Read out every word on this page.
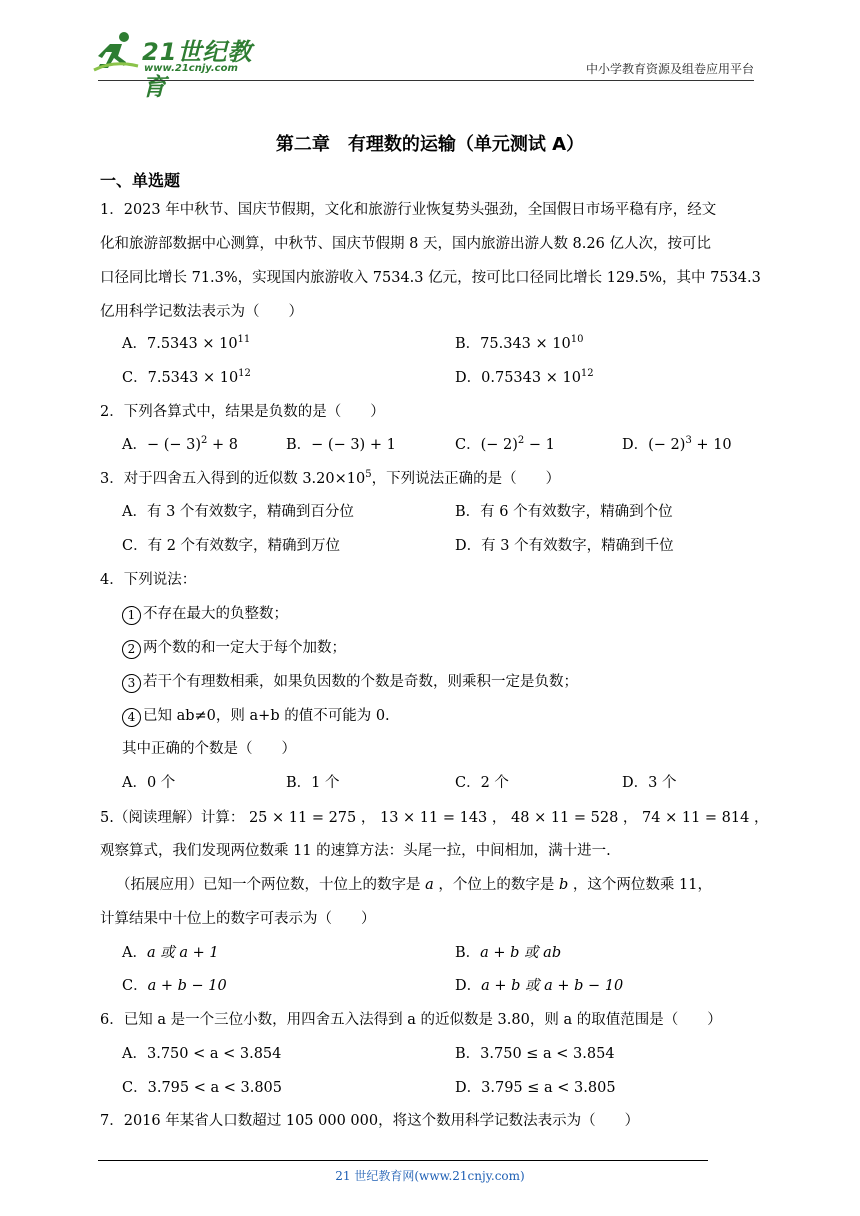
21世纪教育
www.21cnjy.com	中小学教育资源及组卷应用平台
第二章　有理数的运输（单元测试 A）
一、单选题
1．2023 年中秋节、国庆节假期，文化和旅游行业恢复势头强劲，全国假日市场平稳有序，经文
化和旅游部数据中心测算，中秋节、国庆节假期 8 天，国内旅游出游人数 8.26 亿人次，按可比
口径同比增长 71.3%，实现国内旅游收入 7534.3 亿元，按可比口径同比增长 129.5%，其中 7534.3
亿用科学记数法表示为（　　）
A．$7.5343 \times 10^{11}$	B．$75.343 \times 10^{10}$
C．$7.5343 \times 10^{12}$	D．$0.75343 \times 10^{12}$
2．下列各算式中，结果是负数的是（　　）
A．− (− 3)$^2$ + 8	B．− (− 3) + 1	C．(− 2)$^2$ − 1	D．(− 2)$^3$ + 10
3．对于四舍五入得到的近似数 $3.20\times 10^5$，下列说法正确的是（　　）
A．有 3 个有效数字，精确到百分位	B．有 6 个有效数字，精确到个位
C．有 2 个有效数字，精确到万位	D．有 3 个有效数字，精确到千位
4．下列说法：
1 不存在最大的负整数；
2 两个数的和一定大于每个加数；
3 若干个有理数相乘，如果负因数的个数是奇数，则乘积一定是负数；
4 已知 ab≠0，则 a+b 的值不可能为 0.
其中正确的个数是（　　）
A．0 个	B．1 个	C．2 个	D．3 个
5.（阅读理解）计算： 25 × 11 = 275 ， 13 × 11 = 143 ， 48 × 11 = 528 ， 74 × 11 = 814 ，
观察算式，我们发现两位数乘 11 的速算方法：头尾一拉，中间相加，满十进一.
（拓展应用）已知一个两位数，十位上的数字是 a ，个位上的数字是 b ，这个两位数乘 11，
计算结果中十位上的数字可表示为（　　）
A．a 或 a + 1	B．a + b 或 ab
C．a + b − 10	D．a + b 或 a + b − 10
6．已知 a 是一个三位小数，用四舍五入法得到 a 的近似数是 3.80，则 a 的取值范围是（　　）
A．3.750 < a < 3.854	B．3.750 ≤ a < 3.854
C．3.795 < a < 3.805	D．3.795 ≤ a < 3.805
7．2016 年某省人口数超过 105 000 000，将这个数用科学记数法表示为（　　）
21 世纪教育网(www.21cnjy.com)
